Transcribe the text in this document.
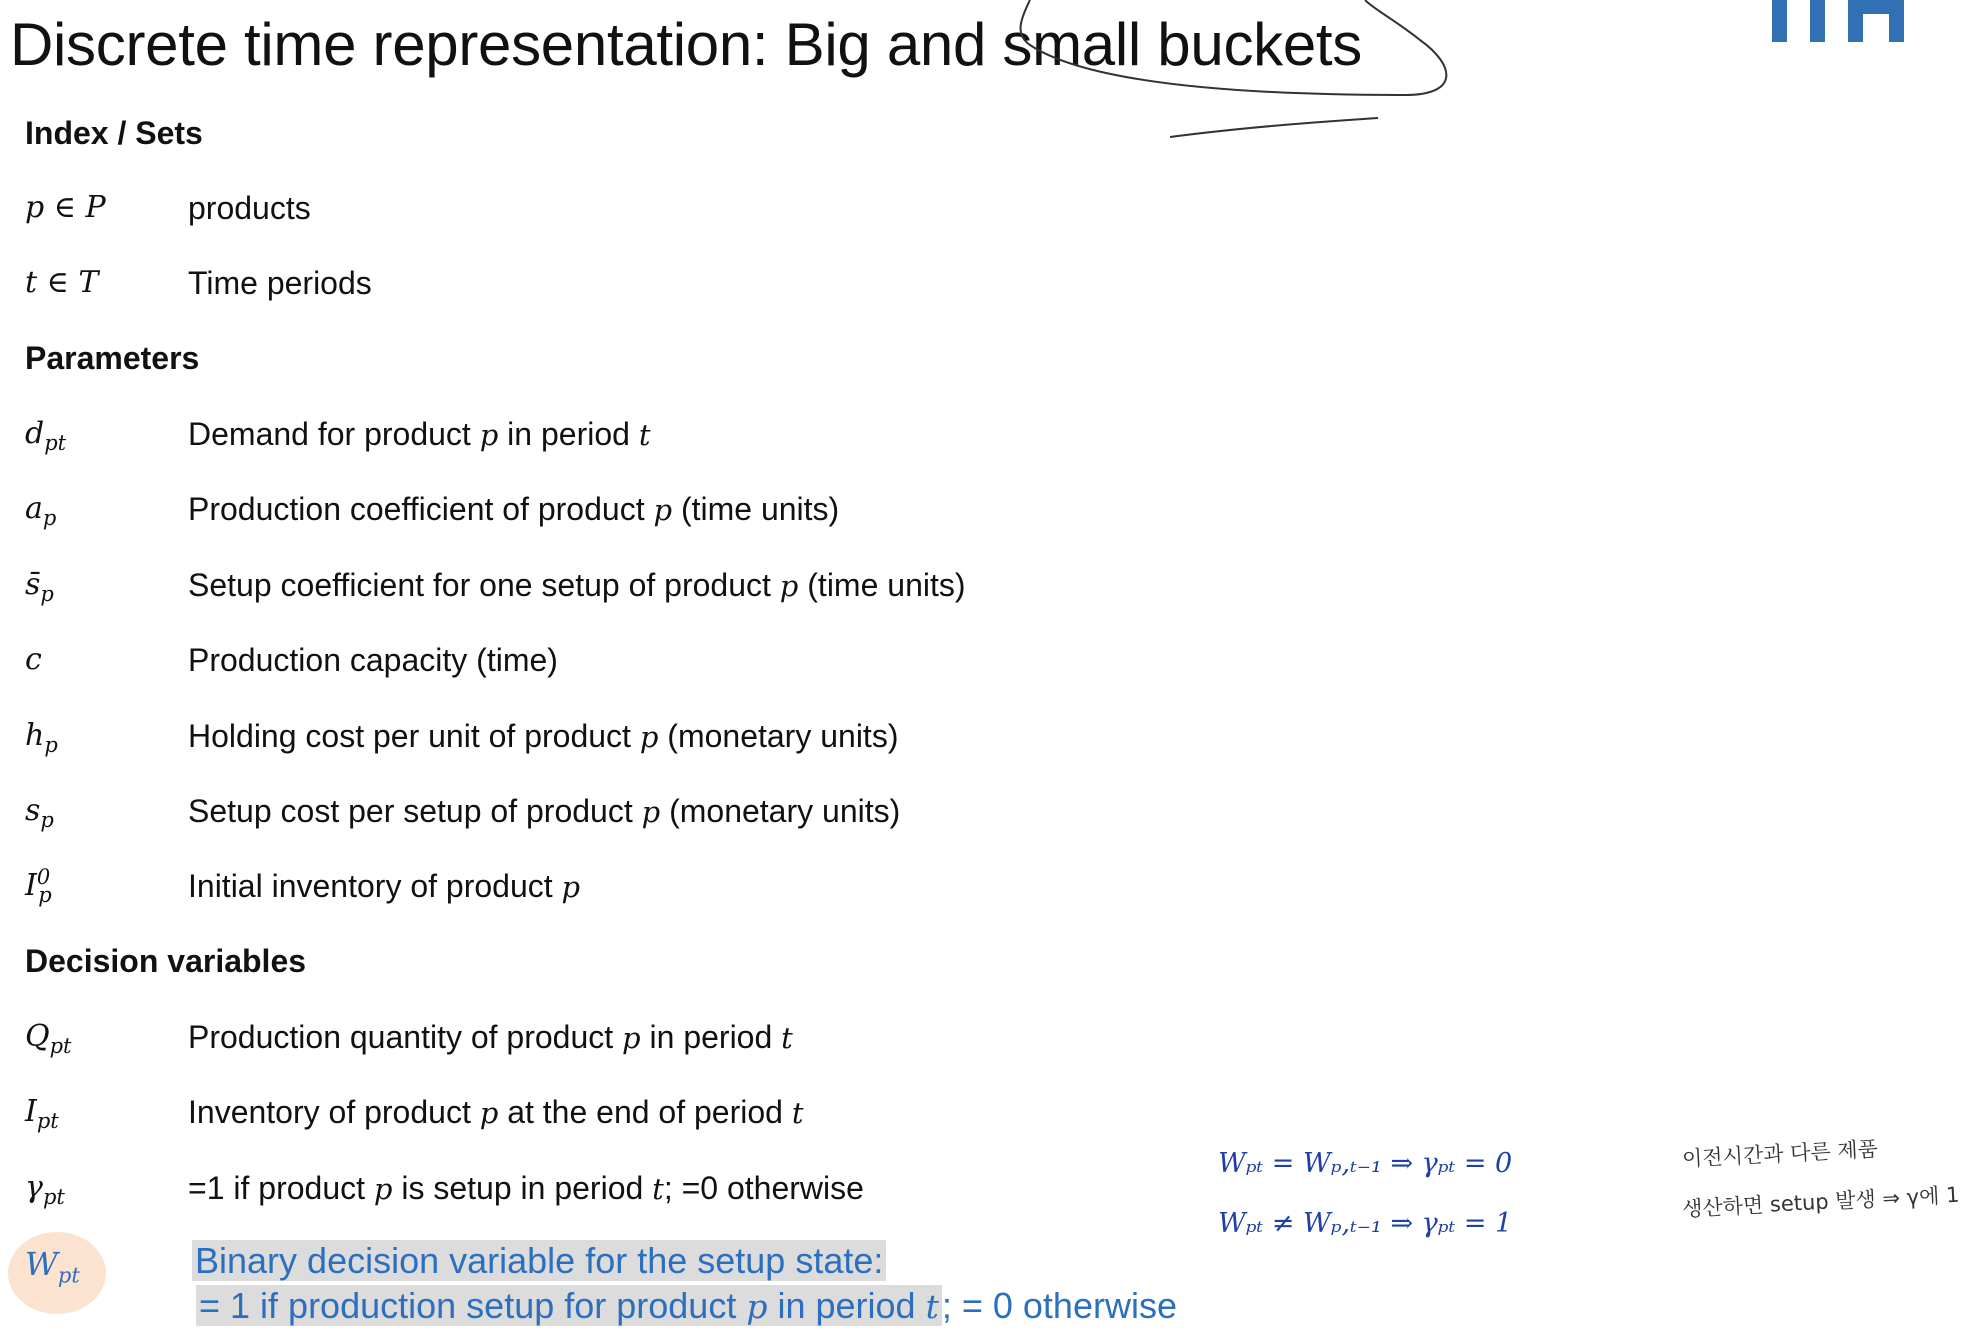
Discrete time representation: Big and small buckets
Index / Sets
p ∈ P	products
t ∈ T	Time periods
Parameters
$d_{pt}$	Demand for product p in period t
$a_p$	Production coefficient of product p (time units)
$s̄_p$	Setup coefficient for one setup of product p (time units)
c	Production capacity (time)
$h_p$	Holding cost per unit of product p (monetary units)
$s_p$	Setup cost per setup of product p (monetary units)
$I^0_p$	Initial inventory of product p
Decision variables
$Q_{pt}$	Production quantity of product p in period t
$I_{pt}$	Inventory of product p at the end of period t
$\gamma_{pt}$	=1 if product p is setup in period t; =0 otherwise
$W_{pt}$	Binary decision variable for the setup state:
= 1 if production setup for product p in period t; = 0 otherwise
Wₚₜ = Wₚ,ₜ₋₁ ⇒ γₚₜ = 0
Wₚₜ ≠ Wₚ,ₜ₋₁ ⇒ γₚₜ = 1
이전시간과 다른 제품
생산하면 setup 발생 ⇒ γ에 1
